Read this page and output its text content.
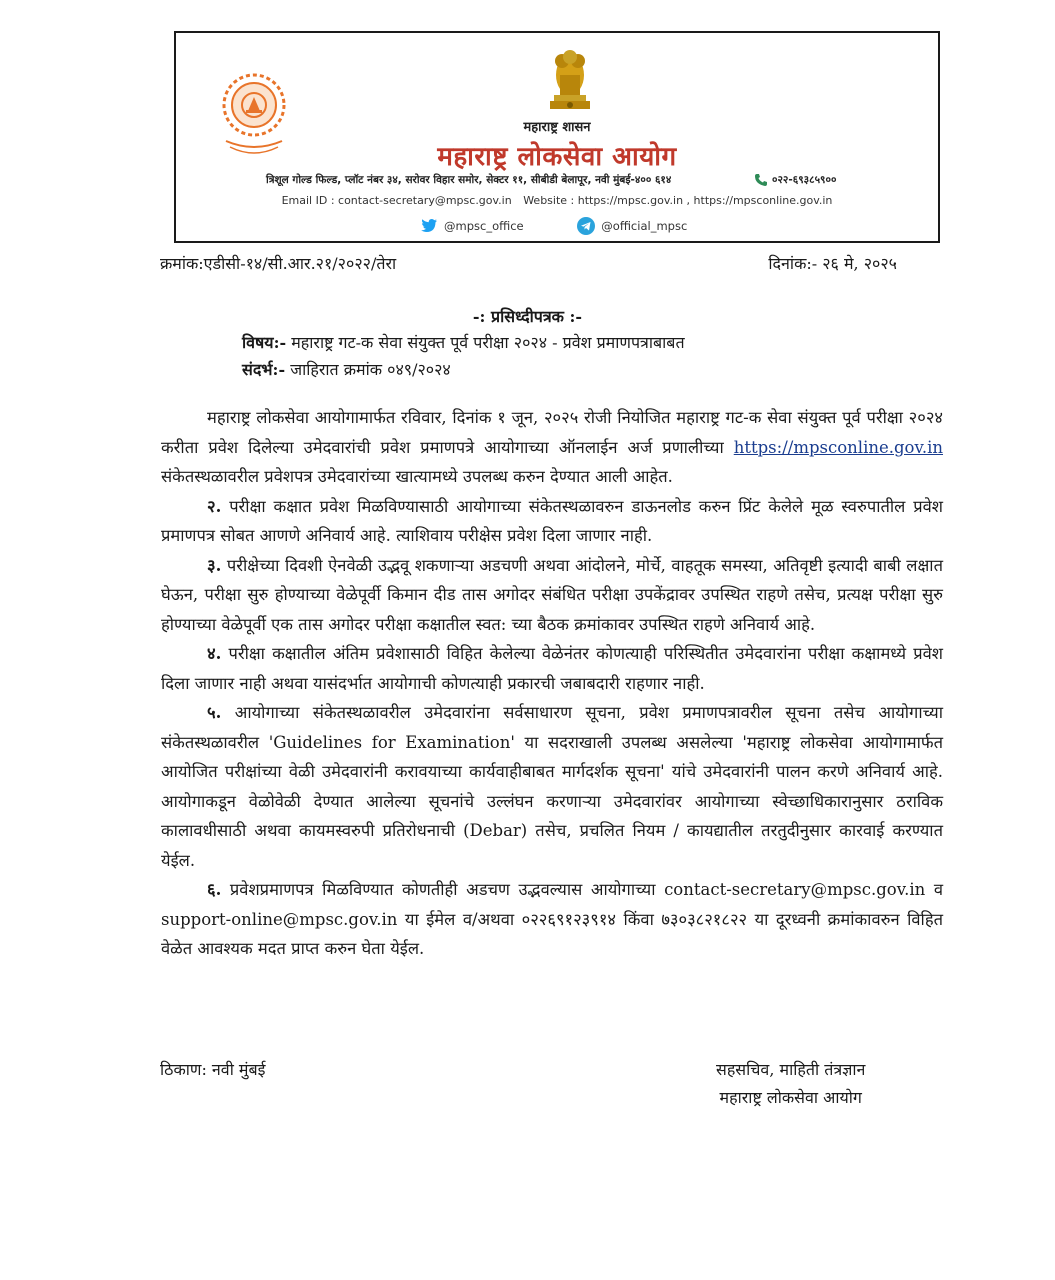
महाराष्ट्र शासन
महाराष्ट्र लोकसेवा आयोग
त्रिशूल गोल्ड फिल्ड, प्लॉट नंबर ३४, सरोवर विहार समोर, सेक्टर ११, सीबीडी बेलापूर, नवी मुंबई-४०० ६१४	०२२-६९३८५९००
Email ID : contact-secretary@mpsc.gov.in Website : https://mpsc.gov.in , https://mpsconline.gov.in
@mpsc_office
	@official_mpsc
क्रमांक:एडीसी-१४/सी.आर.२१/२०२२/तेरा	दिनांक:- २६ मे, २०२५
-: प्रसिध्दीपत्रक :-
विषय:- महाराष्ट्र गट-क सेवा संयुक्त पूर्व परीक्षा २०२४ - प्रवेश प्रमाणपत्राबाबत
संदर्भ:- जाहिरात क्रमांक ०४९/२०२४

महाराष्ट्र लोकसेवा आयोगामार्फत रविवार, दिनांक १ जून, २०२५ रोजी नियोजित महाराष्ट्र गट-क सेवा संयुक्त पूर्व परीक्षा २०२४ करीता प्रवेश दिलेल्या उमेदवारांची प्रवेश प्रमाणपत्रे आयोगाच्या ऑनलाईन अर्ज प्रणालीच्या https://mpsconline.gov.in संकेतस्थळावरील प्रवेशपत्र उमेदवारांच्या खात्यामध्ये उपलब्ध करुन देण्यात आली आहेत.

२. परीक्षा कक्षात प्रवेश मिळविण्यासाठी आयोगाच्या संकेतस्थळावरुन डाऊनलोड करुन प्रिंट केलेले मूळ स्वरुपातील प्रवेश प्रमाणपत्र सोबत आणणे अनिवार्य आहे. त्याशिवाय परीक्षेस प्रवेश दिला जाणार नाही.

३. परीक्षेच्या दिवशी ऐनवेळी उद्भवू शकणाऱ्या अडचणी अथवा आंदोलने, मोर्चे, वाहतूक समस्या, अतिवृष्टी इत्यादी बाबी लक्षात घेऊन, परीक्षा सुरु होण्याच्या वेळेपूर्वी किमान दीड तास अगोदर संबंधित परीक्षा उपकेंद्रावर उपस्थित राहणे तसेच, प्रत्यक्ष परीक्षा सुरु होण्याच्या वेळेपूर्वी एक तास अगोदर परीक्षा कक्षातील स्वत: च्या बैठक क्रमांकावर उपस्थित राहणे अनिवार्य आहे.

४. परीक्षा कक्षातील अंतिम प्रवेशासाठी विहित केलेल्या वेळेनंतर कोणत्याही परिस्थितीत उमेदवारांना परीक्षा कक्षामध्ये प्रवेश दिला जाणार नाही अथवा यासंदर्भात आयोगाची कोणत्याही प्रकारची जबाबदारी राहणार नाही.

५. आयोगाच्या संकेतस्थळावरील उमेदवारांना सर्वसाधारण सूचना, प्रवेश प्रमाणपत्रावरील सूचना तसेच आयोगाच्या संकेतस्थळावरील 'Guidelines for Examination' या सदराखाली उपलब्ध असलेल्या 'महाराष्ट्र लोकसेवा आयोगामार्फत आयोजित परीक्षांच्या वेळी उमेदवारांनी करावयाच्या कार्यवाहीबाबत मार्गदर्शक सूचना' यांचे उमेदवारांनी पालन करणे अनिवार्य आहे. आयोगाकडून वेळोवेळी देण्यात आलेल्या सूचनांचे उल्लंघन करणाऱ्या उमेदवारांवर आयोगाच्या स्वेच्छाधिकारानुसार ठराविक कालावधीसाठी अथवा कायमस्वरुपी प्रतिरोधनाची (Debar) तसेच, प्रचलित नियम / कायद्यातील तरतुदीनुसार कारवाई करण्यात येईल.

६. प्रवेशप्रमाणपत्र मिळविण्यात कोणतीही अडचण उद्भवल्यास आयोगाच्या contact-secretary@mpsc.gov.in व support-online@mpsc.gov.in या ईमेल व/अथवा ०२२६९१२३९१४ किंवा ७३०३८२१८२२ या दूरध्वनी क्रमांकावरुन विहित वेळेत आवश्यक मदत प्राप्त करुन घेता येईल.

ठिकाण: नवी मुंबई	सहसचिव, माहिती तंत्रज्ञान
महाराष्ट्र लोकसेवा आयोग
